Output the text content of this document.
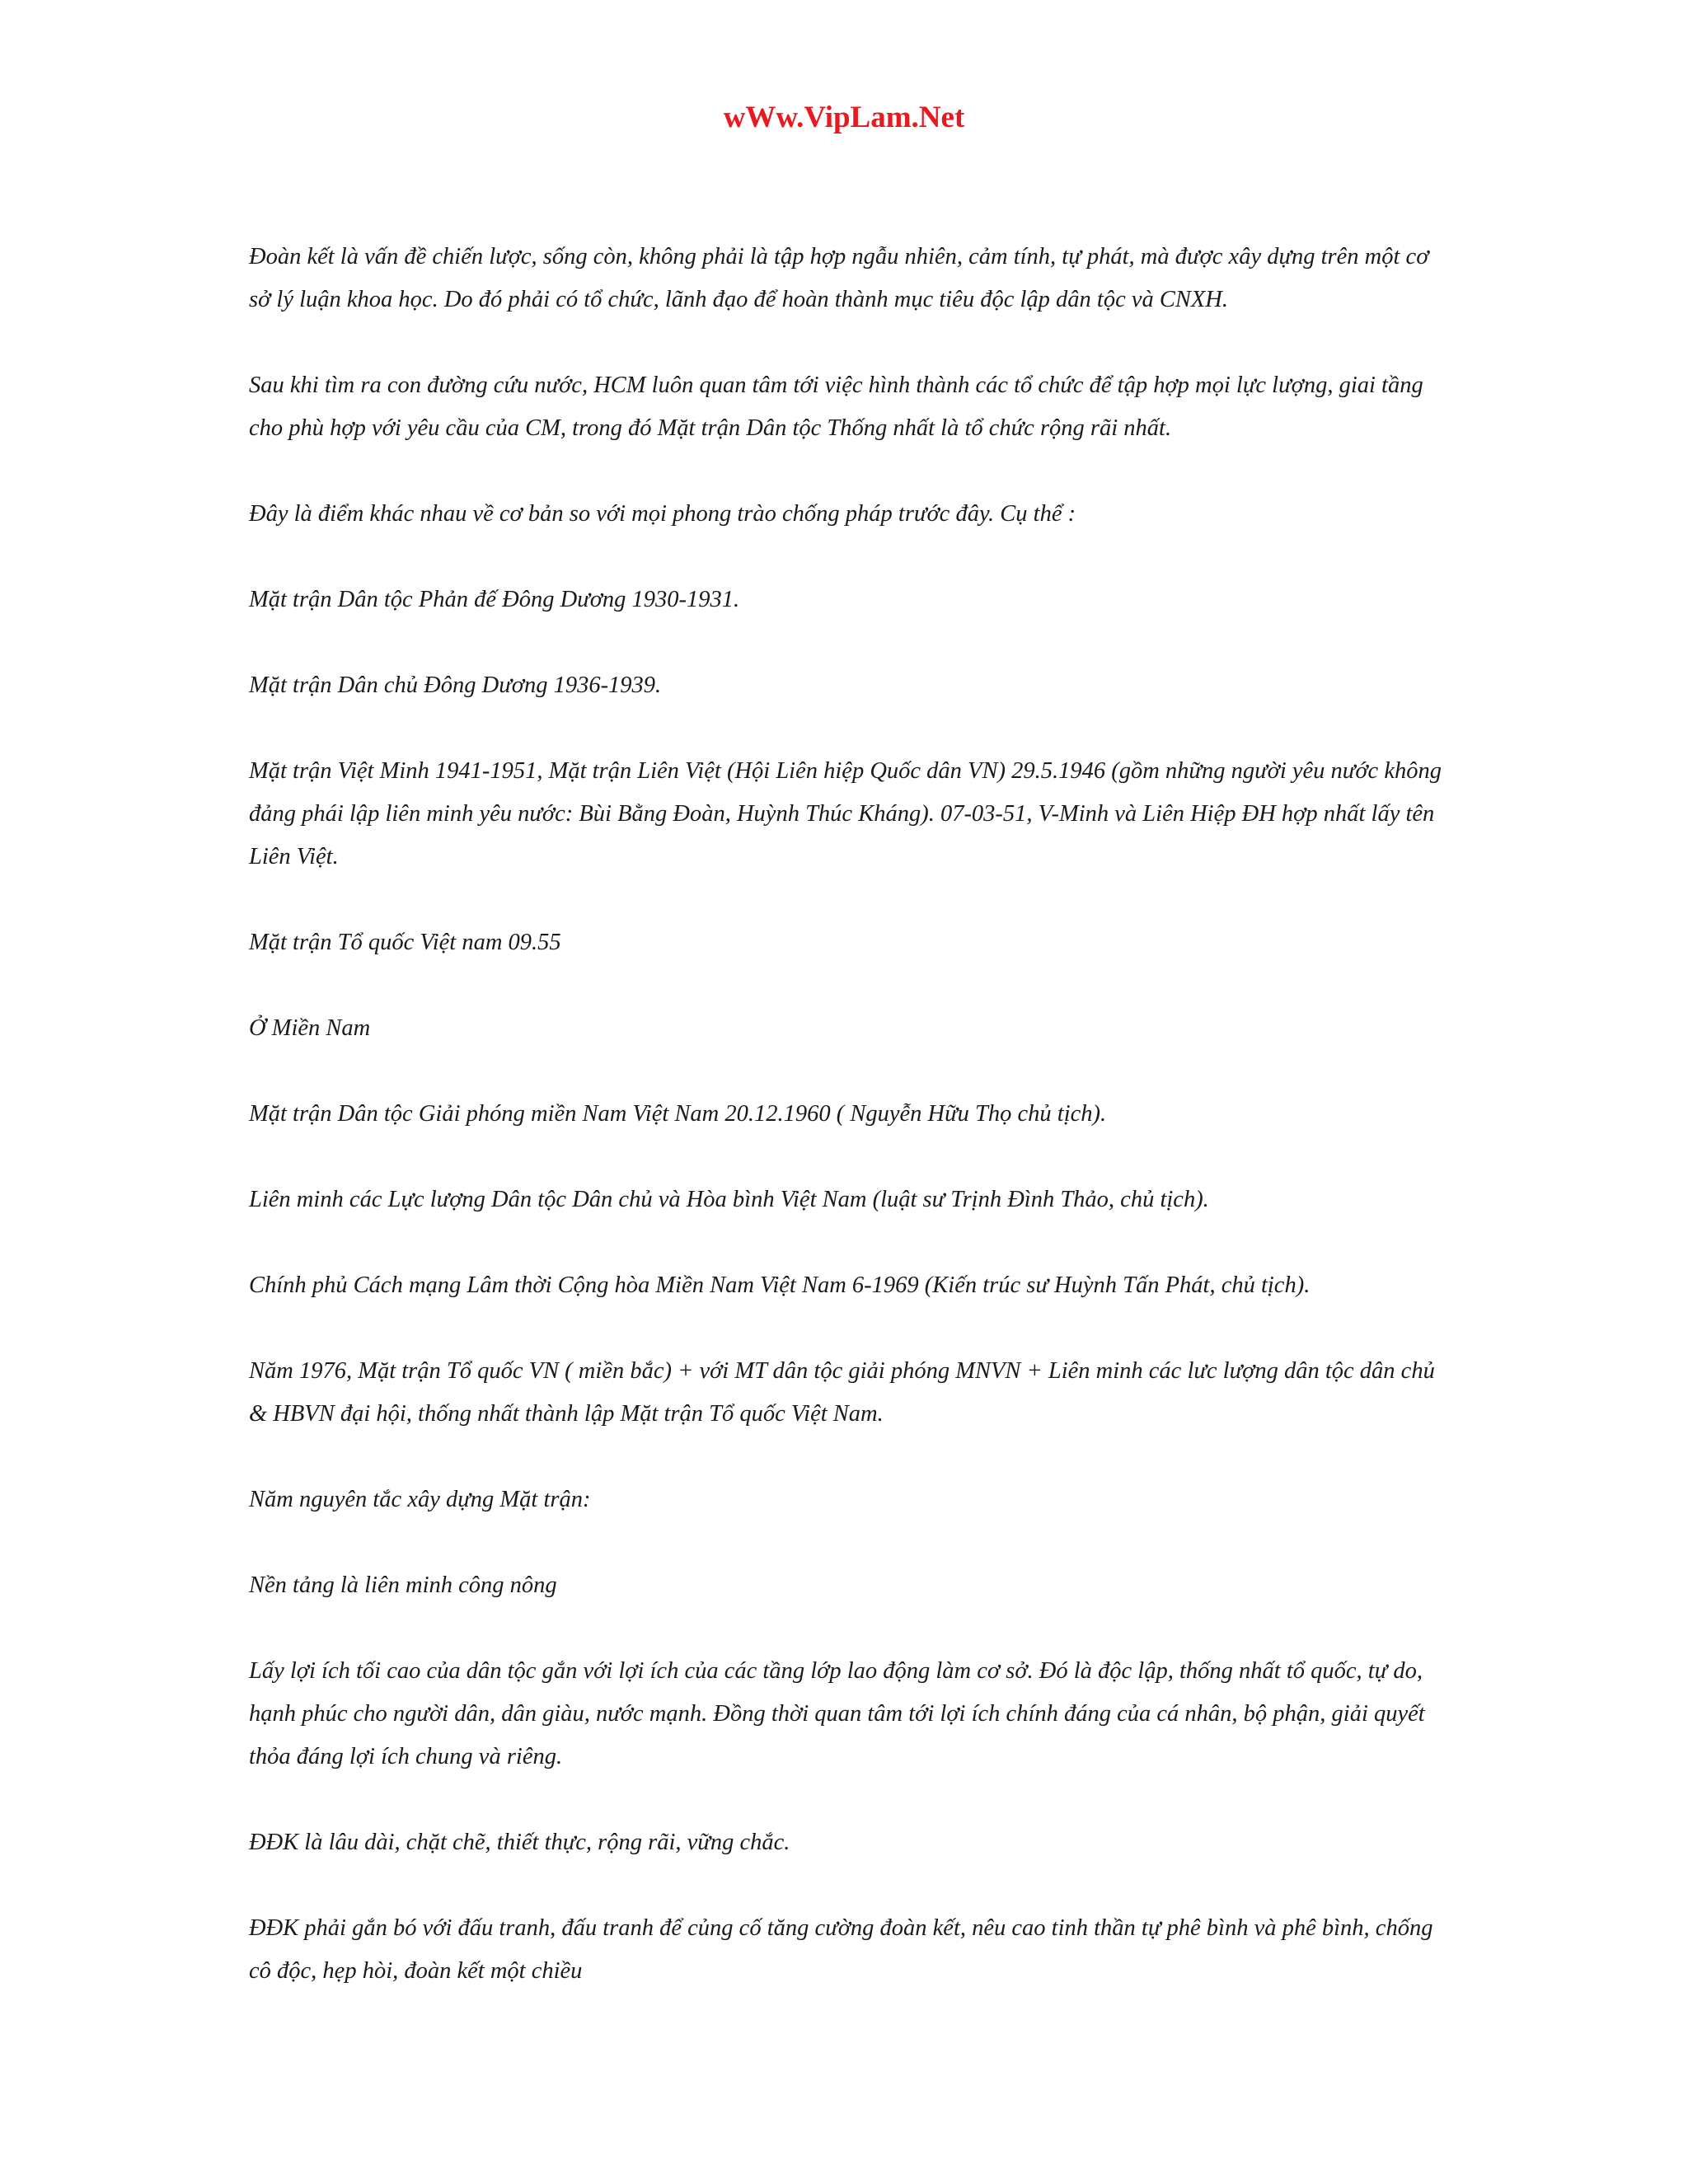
wWw.VipLam.Net

Đoàn kết là vấn đề chiến lược, sống còn, không phải là tập hợp ngẫu nhiên, cảm tính, tự phát, mà được xây dựng trên một cơ sở lý luận khoa học. Do đó phải có tổ chức, lãnh đạo để hoàn thành mục tiêu độc lập dân tộc và CNXH.

Sau khi tìm ra con đường cứu nước, HCM luôn quan tâm tới việc hình thành các tổ chức để tập hợp mọi lực lượng, giai tầng cho phù hợp với yêu cầu của CM, trong đó Mặt trận Dân tộc Thống nhất là tổ chức rộng rãi nhất.

Đây là điểm khác nhau về cơ bản so với mọi phong trào chống pháp trước đây. Cụ thể :

Mặt trận Dân tộc Phản đế Đông Dương 1930-1931.

Mặt trận Dân chủ Đông Dương 1936-1939.

Mặt trận Việt Minh 1941-1951, Mặt trận Liên Việt (Hội Liên hiệp Quốc dân VN) 29.5.1946 (gồm những người yêu nước không đảng phái lập liên minh yêu nước: Bùi Bằng Đoàn, Huỳnh Thúc Kháng). 07-03-51, V-Minh và Liên Hiệp ĐH hợp nhất lấy tên Liên Việt.

Mặt trận Tổ quốc Việt nam 09.55

Ở Miền Nam

Mặt trận Dân tộc Giải phóng miền Nam Việt Nam 20.12.1960 ( Nguyễn Hữu Thọ chủ tịch).

Liên minh các Lực lượng Dân tộc Dân chủ và Hòa bình Việt Nam (luật sư Trịnh Đình Thảo, chủ tịch).

Chính phủ Cách mạng Lâm thời Cộng hòa Miền Nam Việt Nam 6-1969 (Kiến trúc sư Huỳnh Tấn Phát, chủ tịch).

Năm 1976, Mặt trận Tổ quốc VN ( miền bắc) + với MT dân tộc giải phóng MNVN + Liên minh các lưc lượng dân tộc dân chủ & HBVN đại hội, thống nhất thành lập Mặt trận Tổ quốc Việt Nam.

Năm nguyên tắc xây dựng Mặt trận:

Nền tảng là liên minh công nông

Lấy lợi ích tối cao của dân tộc gắn với lợi ích của các tầng lớp lao động làm cơ sở. Đó là độc lập, thống nhất tổ quốc, tự do, hạnh phúc cho người dân, dân giàu, nước mạnh. Đồng thời quan tâm tới lợi ích chính đáng của cá nhân, bộ phận, giải quyết thỏa đáng lợi ích chung và riêng.

ĐĐK là lâu dài, chặt chẽ, thiết thực, rộng rãi, vững chắc.

ĐĐK phải gắn bó với đấu tranh, đấu tranh để củng cố tăng cường đoàn kết, nêu cao tinh thần tự phê bình và phê bình, chống cô độc, hẹp hòi, đoàn kết một chiều
